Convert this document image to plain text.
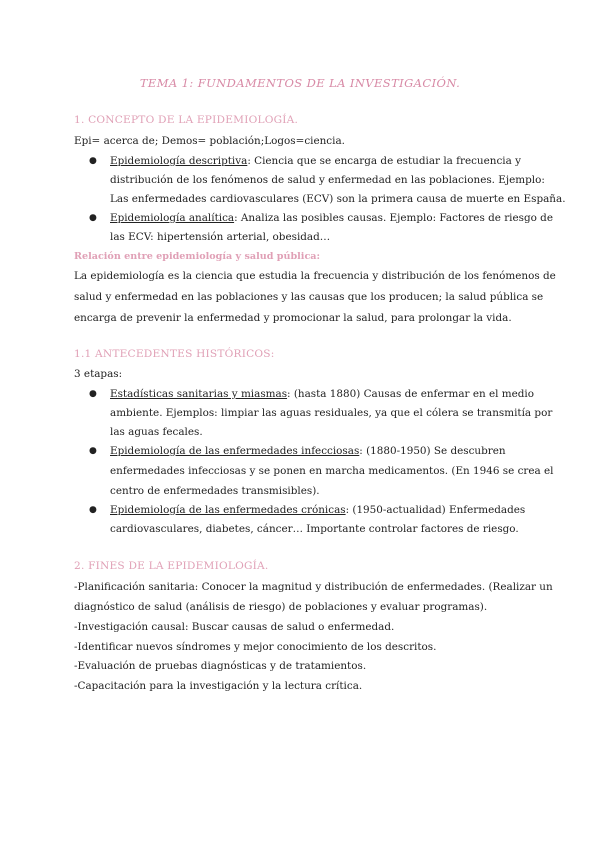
TEMA 1: FUNDAMENTOS DE LA INVESTIGACIÓN.
1. CONCEPTO DE LA EPIDEMIOLOGÍA.
Epi= acerca de; Demos= población;Logos=ciencia.
● Epidemiología descriptiva: Ciencia que se encarga de estudiar la frecuencia y
distribución de los fenómenos de salud y enfermedad en las poblaciones. Ejemplo:
Las enfermedades cardiovasculares (ECV) son la primera causa de muerte en España.
● Epidemiología analítica: Analiza las posibles causas. Ejemplo: Factores de riesgo de
las ECV: hipertensión arterial, obesidad…
Relación entre epidemiología y salud pública:
La epidemiología es la ciencia que estudia la frecuencia y distribución de los fenómenos de
salud y enfermedad en las poblaciones y las causas que los producen; la salud pública se
encarga de prevenir la enfermedad y promocionar la salud, para prolongar la vida.
1.1 ANTECEDENTES HISTÓRICOS:
3 etapas:
● Estadísticas sanitarias y miasmas: (hasta 1880) Causas de enfermar en el medio
ambiente. Ejemplos: limpiar las aguas residuales, ya que el cólera se transmitía por
las aguas fecales.
● Epidemiología de las enfermedades infecciosas: (1880-1950) Se descubren
enfermedades infecciosas y se ponen en marcha medicamentos. (En 1946 se crea el
centro de enfermedades transmisibles).
● Epidemiología de las enfermedades crónicas: (1950-actualidad) Enfermedades
cardiovasculares, diabetes, cáncer… Importante controlar factores de riesgo.
2. FINES DE LA EPIDEMIOLOGÍA.
-Planificación sanitaria: Conocer la magnitud y distribución de enfermedades. (Realizar un
diagnóstico de salud (análisis de riesgo) de poblaciones y evaluar programas).
-Investigación causal: Buscar causas de salud o enfermedad.
-Identificar nuevos síndromes y mejor conocimiento de los descritos.
-Evaluación de pruebas diagnósticas y de tratamientos.
-Capacitación para la investigación y la lectura crítica.
